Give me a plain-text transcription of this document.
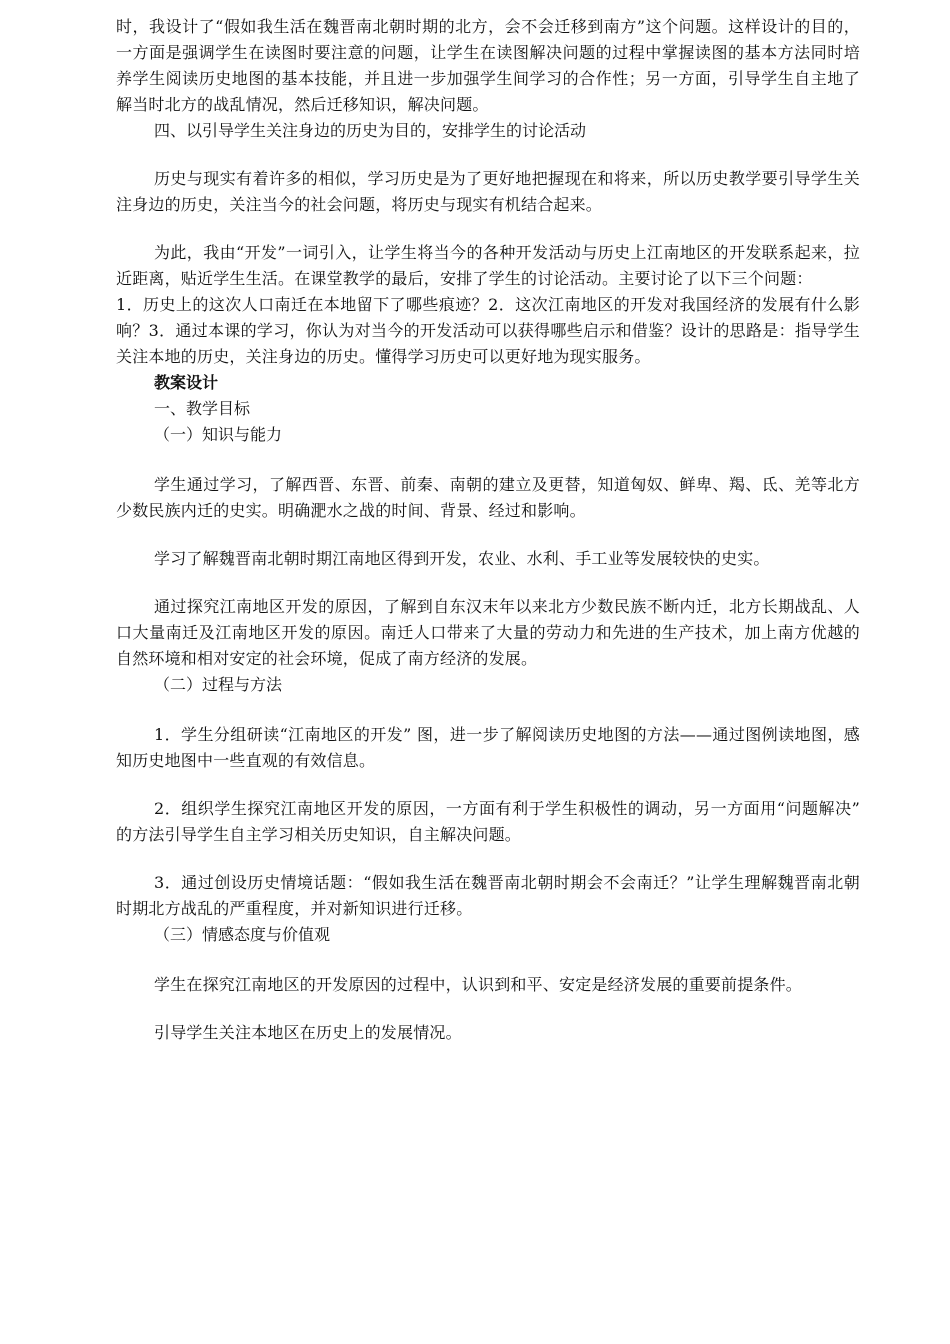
时，我设计了“假如我生活在魏晋南北朝时期的北方，会不会迁移到南方”这个问题。这样设计的目的，一方面是强调学生在读图时要注意的问题，让学生在读图解决问题的过程中掌握读图的基本方法同时培养学生阅读历史地图的基本技能，并且进一步加强学生间学习的合作性；另一方面，引导学生自主地了解当时北方的战乱情况，然后迁移知识，解决问题。

四、以引导学生关注身边的历史为目的，安排学生的讨论活动

历史与现实有着许多的相似，学习历史是为了更好地把握现在和将来，所以历史教学要引导学生关注身边的历史，关注当今的社会问题，将历史与现实有机结合起来。

为此，我由“开发”一词引入，让学生将当今的各种开发活动与历史上江南地区的开发联系起来，拉近距离，贴近学生生活。在课堂教学的最后，安排了学生的讨论活动。主要讨论了以下三个问题：

1．历史上的这次人口南迁在本地留下了哪些痕迹？2．这次江南地区的开发对我国经济的发展有什么影响？3．通过本课的学习，你认为对当今的开发活动可以获得哪些启示和借鉴？设计的思路是：指导学生关注本地的历史，关注身边的历史。懂得学习历史可以更好地为现实服务。

教案设计

一、教学目标

（一）知识与能力

学生通过学习，了解西晋、东晋、前秦、南朝的建立及更替，知道匈奴、鲜卑、羯、氐、羌等北方少数民族内迁的史实。明确淝水之战的时间、背景、经过和影响。

学习了解魏晋南北朝时期江南地区得到开发，农业、水利、手工业等发展较快的史实。

通过探究江南地区开发的原因，了解到自东汉末年以来北方少数民族不断内迁，北方长期战乱、人口大量南迁及江南地区开发的原因。南迁人口带来了大量的劳动力和先进的生产技术，加上南方优越的自然环境和相对安定的社会环境，促成了南方经济的发展。

（二）过程与方法

1．学生分组研读“江南地区的开发” 图，进一步了解阅读历史地图的方法——通过图例读地图，感知历史地图中一些直观的有效信息。

2．组织学生探究江南地区开发的原因，一方面有利于学生积极性的调动，另一方面用“问题解决” 的方法引导学生自主学习相关历史知识，自主解决问题。

3．通过创设历史情境话题：“假如我生活在魏晋南北朝时期会不会南迁？”让学生理解魏晋南北朝时期北方战乱的严重程度，并对新知识进行迁移。

（三）情感态度与价值观

学生在探究江南地区的开发原因的过程中，认识到和平、安定是经济发展的重要前提条件。

引导学生关注本地区在历史上的发展情况。
